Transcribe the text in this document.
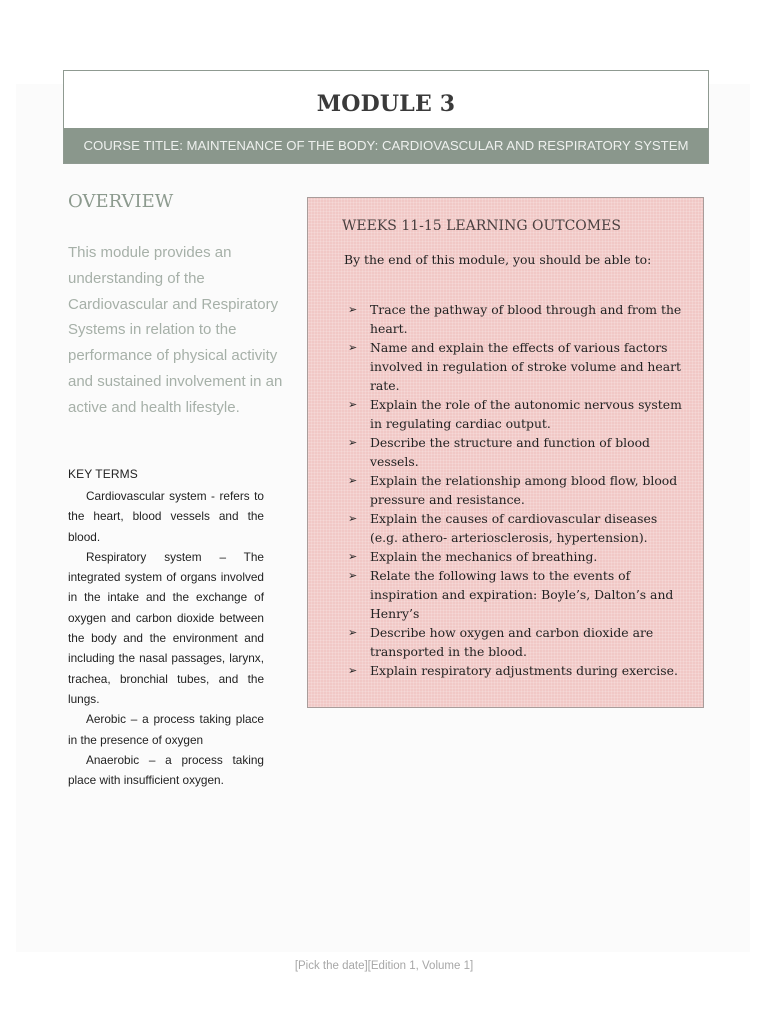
MODULE 3
COURSE TITLE: MAINTENANCE OF THE BODY: CARDIOVASCULAR AND RESPIRATORY SYSTEM
OVERVIEW
This module provides an understanding of the Cardiovascular and Respiratory Systems in relation to the performance of physical activity and sustained involvement in an active and health lifestyle.
KEY TERMS

Cardiovascular system - refers to the heart, blood vessels and the blood.

Respiratory system – The integrated system of organs involved in the intake and the exchange of oxygen and carbon dioxide between the body and the environment and including the nasal passages, larynx, trachea, bronchial tubes, and the lungs.

Aerobic – a process taking place in the presence of oxygen

Anaerobic – a process taking place with insufficient oxygen.

WEEKS 11-15 LEARNING OUTCOMES
By the end of this module, you should be able to:
➢ Trace the pathway of blood through and from the heart.
➢ Name and explain the effects of various factors involved in regulation of stroke volume and heart rate.
➢ Explain the role of the autonomic nervous system in regulating cardiac output.
➢ Describe the structure and function of blood vessels.
➢ Explain the relationship among blood flow, blood pressure and resistance.
➢ Explain the causes of cardiovascular diseases (e.g. athero- arteriosclerosis, hypertension).
➢ Explain the mechanics of breathing.
➢ Relate the following laws to the events of inspiration and expiration: Boyle’s, Dalton’s and Henry’s
➢ Describe how oxygen and carbon dioxide are transported in the blood.
➢ Explain respiratory adjustments during exercise.
[Pick the date][Edition 1, Volume 1]
